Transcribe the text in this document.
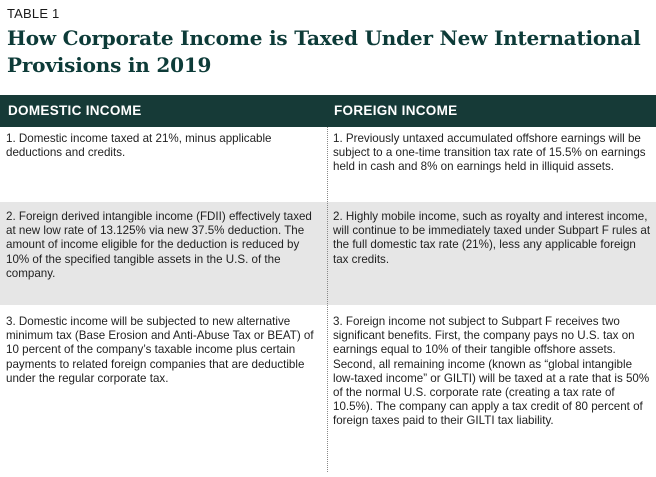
TABLE 1
How Corporate Income is Taxed Under New International Provisions in 2019
DOMESTIC INCOME	FOREIGN INCOME
1. Domestic income taxed at 21%, minus applicable deductions and credits.
1. Previously untaxed accumulated offshore earnings will be subject to a one-time transition tax rate of 15.5% on earnings held in cash and 8% on earnings held in illiquid assets.
2. Foreign derived intangible income (FDII) effectively taxed at new low rate of 13.125% via new 37.5% deduction. The amount of income eligible for the deduction is reduced by 10% of the specified tangible assets in the U.S. of the company.
2. Highly mobile income, such as royalty and interest income, will continue to be immediately taxed under Subpart F rules at the full domestic tax rate (21%), less any applicable foreign tax credits.
3. Domestic income will be subjected to new alternative minimum tax (Base Erosion and Anti-Abuse Tax or BEAT) of 10 percent of the company’s taxable income plus certain payments to related foreign companies that are deductible under the regular corporate tax.
3. Foreign income not subject to Subpart F receives two significant benefits. First, the company pays no U.S. tax on earnings equal to 10% of their tangible offshore assets. Second, all remaining income (known as “global intangible low-taxed income” or GILTI) will be taxed at a rate that is 50% of the normal U.S. corporate rate (creating a tax rate of 10.5%). The company can apply a tax credit of 80 percent of foreign taxes paid to their GILTI tax liability.
